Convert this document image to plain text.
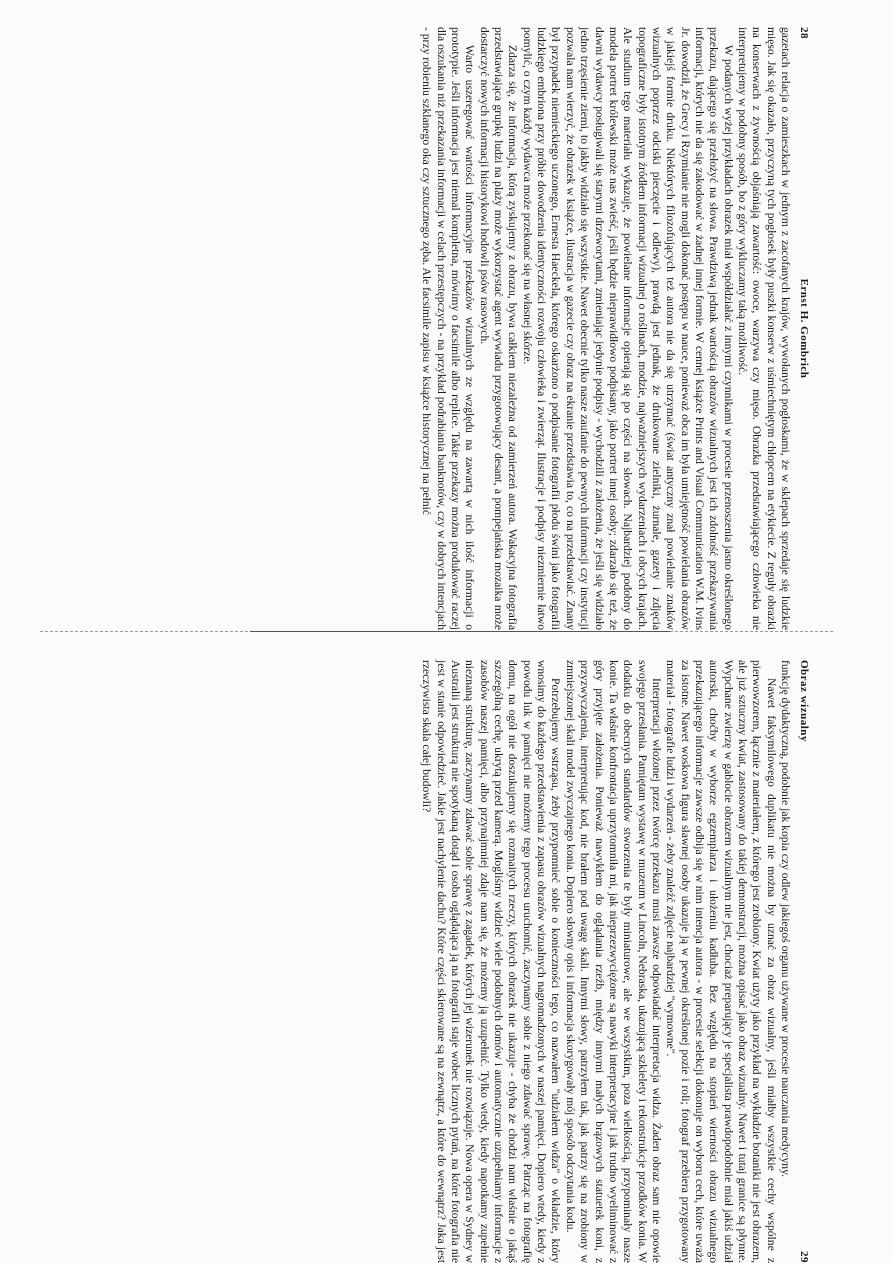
28
Ernst H. Gombrich

gazetach relacja o zamieszkach w jednym z zacofanych krajów, wywołanych pogłoskami, że w sklepach sprzedaje się ludzkie mięso. Jak się okazało, przyczyną tych pogłosek były puszki konserw z uśmiechniętym chłopcem na etykiecie. Z reguły obrazki na konserwach z żywnością objaśniają zawartość: owoce, warzywa czy mięso. Obrazka przedstawiającego człowieka nie interpretujemy w podobny sposób, bo z góry wykluczamy taką możliwość.

W podanych wyżej przykładach obrazek miał współdziałać z innymi czynnikami w procesie przenoszenia jasno określonego przekazu, dającego się przełożyć na słowa. Prawdziwą jednak wartością obrazów wizualnych jest ich zdolność przekazywania informacji, których nie da się zakodować w żadnej innej formie. W cennej książce Prints and Visual Communication W.M. Ivins Jr. dowodził, że Grecy i Rzymianie nie mogli dokonać postępu w nauce, ponieważ obca im była umiejętność powielania obrazów w jakiejś formie druku. Niektórych filozofujących też autora nie da się utrzymać (świat antyczny znał powielanie znaków wizualnych poprzez odciski pieczęcie i odlewy), prawdą jest jednak, że drukowane zielniki, żurnale, gazety i zdjęcia topograficzne były istotnym źródłem informacji wizualnej o roślinach, modzie, najważniejszych wydarzeniach i obcych krajach. Ale studium tego materiału wykazuje, że powielane informacje opierają się po części na słowach. Najbardziej podobny do modela portret królewski może nas zwieść, jeśli będzie nieprawidłowo podpisany, jako portret innej osoby; zdarzało się też, że dawni wydawcy posługiwali się starymi drzeworytami, zmieniając jedynie podpisy - wychodzili z założenia, że jeśli się widziało jedno trzęsienie ziemi, to jakby widziało się wszystkie. Nawet obecnie tylko nasze zaufanie do pewnych informacji czy instytucji pozwala nam wierzyć, że obrazek w książce, ilustracja w gazecie czy obraz na ekranie przedstawia to, co na przedstawiać. Znany był przypadek niemieckiego uczonego, Ernesta Haeckela, którego oskarżono o podpisanie fotografii płodu świni jako fotografii ludzkiego embriona przy próbie dowodzenia identyczności rozwoju człowieka i zwierząt. Ilustracje i podpisy niezmiernie łatwo pomylić, o czym każdy wydawca może przekonać się na własnej skórze.

Zdarza się, że informacja, którą zyskujemy z obrazu, bywa całkiem niezależna od zamierzeń autora. Wakacyjna fotografia przedstawiająca grupkę ludzi na plaży może wykorzystać agent wywiadu przygotowujący desant, a pompejańska mozaika może dostarczyć nowych informacji historykowi hodowli psów rasowych.

Warto uszeregować wartości informacyjne przekazów wizualnych ze względu na zawartą w nich ilość informacji o prototypie. Jeśli informacja jest niemal kompletna, mówimy o facsimile albo replice. Takie przekazy można produkować raczej dla oszukania niż przekazania informacji w celach przestępczych - na przykład podrabiania banknotów, czy w dobrych intencjach - przy robieniu szklanego oka czy sztucznego zęba. Ale facsimile zapisu w książce historycznej na pełnić

Obraz wizualny
29

funkcję dydaktyczną, podobnie jak kopia czy odlew jakiegoś organu używane w procesie nauczania medycyny.

Nawet faksymilowego duplikatu nie można by uznać za obraz wizualny, jeśli miałby wszystkie cechy wspólne z pierwowzorem, łącznie z materiałem, z którego jest zrobiony. Kwiat użyty jako przykład na wykładzie botaniki nie jest obrazem, ale już sztuczny kwiat, zastosowany do takiej demonstracji, można opisać jako obraz wizualny. Nawet i tutaj granice są płynne. Wypchane zwierzę w gablocie obrazem wizualnym nie jest, chociaż preparujący je specjalista prawdopodobnie miał jakiś udział autorski, choćby w wyborze egzemplarza i ułożeniu kadłuba. Bez względu na stopień wierności obrazu wizualnego przekazującego informacje zawsze odbija się w nim intencja autora - w procesie selekcji dokonuje on wyboru cech, które uważa za istotne. Nawet woskowa figura sławnej osoby ukazuje ją w pewnej określonej pozie i roli; fotograf przebiera przygotowany materiał - fotografie ludzi i wydarzeń - żeby znaleźć zdjęcie najbardziej "wymowne".

Interpretacji włożonej przez twórcę przekazu musi zawsze odpowiadać interpretacja widza. Żaden obraz sam nie opowie swojego przesłania. Pamiętam wystawę w muzeum w Lincoln, Nebraska, ukazującą szkielety i rekonstrukcje przodków konia. W dodatku do obecnych standardów stworzenia te były miniaturowe, ale we wszystkim, poza wielkością, przypominały nasze konie. Ta właśnie konfrontacja uprzytomniła mi, jak nieprzezwyciężone są nawyki interpretacyjne i jak trudno wyeliminować z góry przyjęte założenia. Ponieważ nawykłem do oglądania rzeźb, między innymi małych brązowych statuetek koni, z przyzwyczajenia, interpretując kod, nie brałem pod uwagę skali. Innymi słowy, patrzyłem tak, jak patrzy się na zrobiony w zmniejszonej skali model zwyczajnego konia. Dopiero słowny opis i informacja skorygowały mój sposób odczytania kodu.

Potrzebujemy wstrząsu, żeby przypomnieć sobie o konieczności tego, co nazwałem "udziałem widza" o wkładzie, który wnosimy do każdego przedstawienia z zapasu obrazów wizualnych nagromadzonych w naszej pamięci. Dopiero wtedy, kiedy z powodu luk w pamięci nie możemy tego procesu uruchomić, zaczynamy sobie z niego zdawać sprawę. Patrząc na fotografię domu, na ogół nie doszukujemy się rozmaitych rzeczy, których obrazek nie ukazuje - chyba że chodzi nam właśnie o jakąś szczególną cechę, ukrytą przed kamerą. Mogliśmy widzieć wiele podobnych domów i automatycznie uzupełniamy informacje z zasobów naszej pamięci, albo przynajmniej zdaje nam się, że możemy ją uzupełnić. Tylko wtedy, kiedy napotkamy zupełnie nieznaną strukturę, zaczynamy zdawać sobie sprawę z zagadek, których jej wizerunek nie rozwiązuje. Nowa opera w Sydney w Australii jest strukturą nie spotykaną dotąd i osoba oglądająca ją na fotografii staje wobec licznych pytań, na które fotografia nie jest w stanie odpowiedzieć. Jakie jest nachylenie dachu? Które części skierowane są na zewnątrz, a które do wewnątrz? Jaka jest rzeczywista skala całej budowli?
